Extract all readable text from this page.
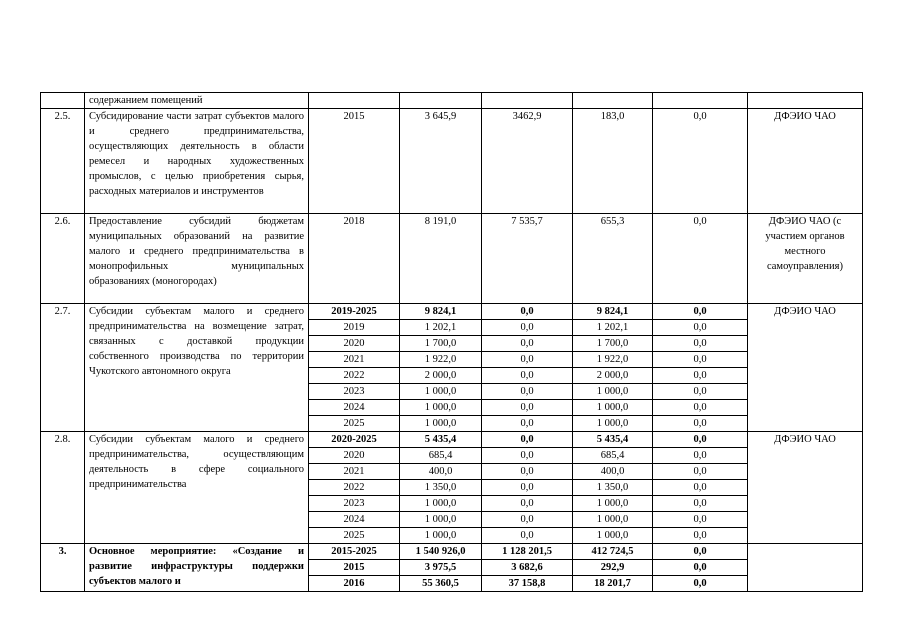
	содержанием помещений						
2.5.	Субсидирование части затрат субъектов малого и среднего предпринимательства, осуществляющих деятельность в области ремесел и народных художественных промыслов, с целью приобретения сырья, расходных материалов и инструментов	2015	3 645,9	3462,9	183,0	0,0	ДФЭИО ЧАО
2.6.	Предоставление субсидий бюджетам муниципальных образований на развитие малого и среднего предпринимательства в монопрофильных муниципальных образованиях (моногородах)	2018	8 191,0	7 535,7	655,3	0,0	ДФЭИО ЧАО (с участием органов местного самоуправления)
2.7.	Субсидии субъектам малого и среднего предпринимательства на возмещение затрат, связанных с доставкой продукции собственного производства по территории Чукотского автономного округа	2019-2025	9 824,1	0,0	9 824,1	0,0	ДФЭИО ЧАО
		2019	1 202,1	0,0	1 202,1	0,0	
		2020	1 700,0	0,0	1 700,0	0,0	
		2021	1 922,0	0,0	1 922,0	0,0	
		2022	2 000,0	0,0	2 000,0	0,0	
		2023	1 000,0	0,0	1 000,0	0,0	
		2024	1 000,0	0,0	1 000,0	0,0	
		2025	1 000,0	0,0	1 000,0	0,0	
2.8.	Субсидии субъектам малого и среднего предпринимательства, осуществляющим деятельность в сфере социального предпринимательства	2020-2025	5 435,4	0,0	5 435,4	0,0	ДФЭИО ЧАО
		2020	685,4	0,0	685,4	0,0	
		2021	400,0	0,0	400,0	0,0	
		2022	1 350,0	0,0	1 350,0	0,0	
		2023	1 000,0	0,0	1 000,0	0,0	
		2024	1 000,0	0,0	1 000,0	0,0	
		2025	1 000,0	0,0	1 000,0	0,0	
3.	Основное мероприятие: «Создание и развитие инфраструктуры поддержки субъектов малого и	2015-2025	1 540 926,0	1 128 201,5	412 724,5	0,0	
		2015	3 975,5	3 682,6	292,9	0,0	
		2016	55 360,5	37 158,8	18 201,7	0,0	
